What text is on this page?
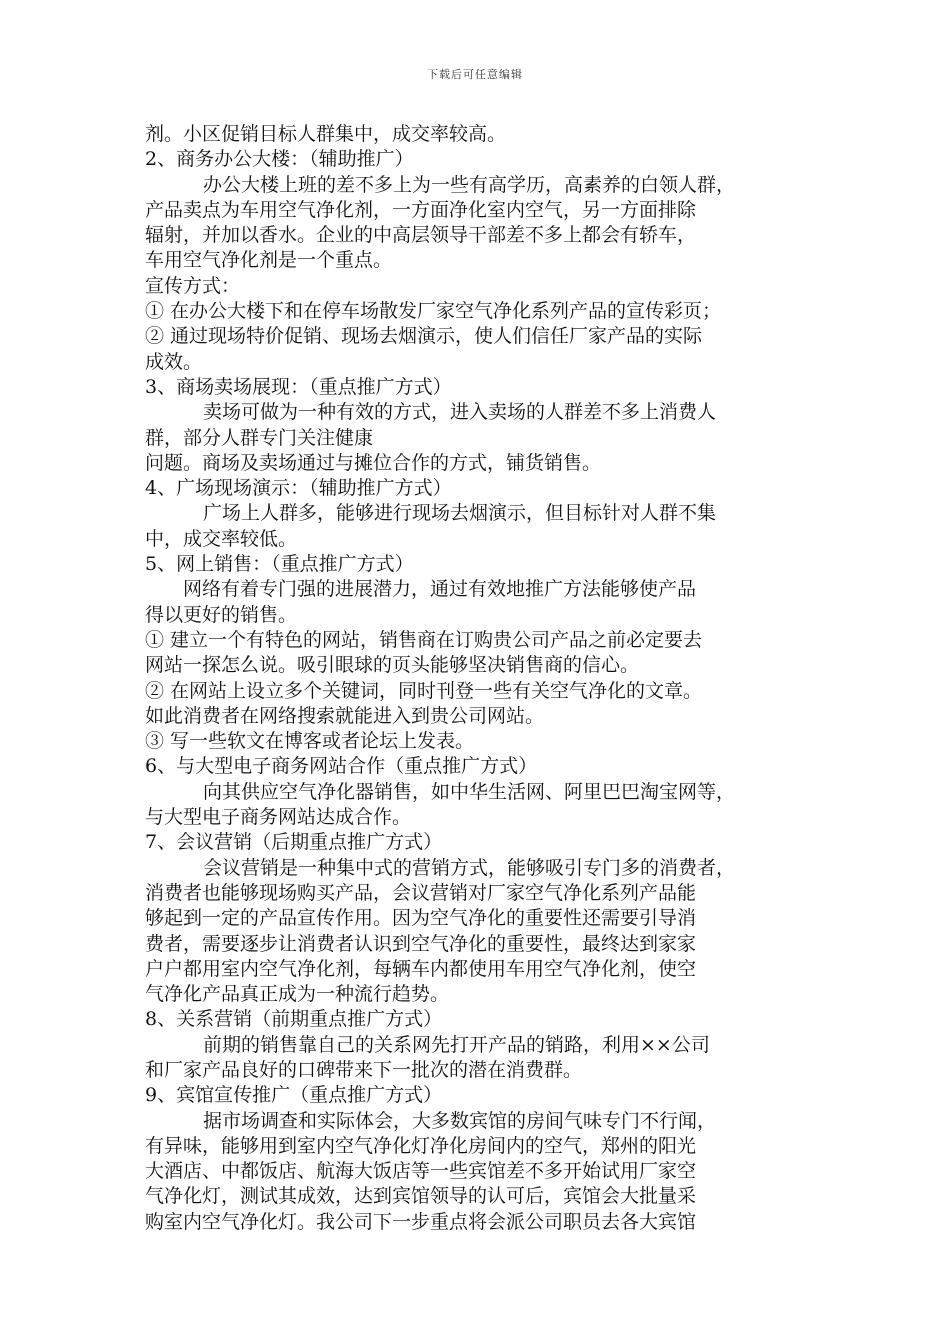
下载后可任意编辑
剂。小区促销目标人群集中，成交率较高。
2、商务办公大楼：（辅助推广）
办公大楼上班的差不多上为一些有高学历，高素养的白领人群，
产品卖点为车用空气净化剂，一方面净化室内空气，另一方面排除
辐射，并加以香水。企业的中高层领导干部差不多上都会有轿车，
车用空气净化剂是一个重点。
宣传方式：
① 在办公大楼下和在停车场散发厂家空气净化系列产品的宣传彩页；
② 通过现场特价促销、现场去烟演示，使人们信任厂家产品的实际
成效。
3、商场卖场展现：（重点推广方式）
卖场可做为一种有效的方式，进入卖场的人群差不多上消费人
群，部分人群专门关注健康
问题。商场及卖场通过与摊位合作的方式，铺货销售。
4、广场现场演示：（辅助推广方式）
广场上人群多，能够进行现场去烟演示，但目标针对人群不集
中，成交率较低。
5、网上销售：（重点推广方式）
网络有着专门强的进展潜力，通过有效地推广方法能够使产品
得以更好的销售。
① 建立一个有特色的网站，销售商在订购贵公司产品之前必定要去
网站一探怎么说。吸引眼球的页头能够坚决销售商的信心。
② 在网站上设立多个关键词，同时刊登一些有关空气净化的文章。
如此消费者在网络搜索就能进入到贵公司网站。
③ 写一些软文在博客或者论坛上发表。
6、与大型电子商务网站合作（重点推广方式）
向其供应空气净化器销售，如中华生活网、阿里巴巴淘宝网等，
与大型电子商务网站达成合作。
7、会议营销（后期重点推广方式）
会议营销是一种集中式的营销方式，能够吸引专门多的消费者，
消费者也能够现场购买产品，会议营销对厂家空气净化系列产品能
够起到一定的产品宣传作用。因为空气净化的重要性还需要引导消
费者，需要逐步让消费者认识到空气净化的重要性，最终达到家家
户户都用室内空气净化剂，每辆车内都使用车用空气净化剂，使空
气净化产品真正成为一种流行趋势。
8、关系营销（前期重点推广方式）
前期的销售靠自己的关系网先打开产品的销路，利用××公司
和厂家产品良好的口碑带来下一批次的潜在消费群。
9、宾馆宣传推广（重点推广方式）
据市场调查和实际体会，大多数宾馆的房间气味专门不行闻，
有异味，能够用到室内空气净化灯净化房间内的空气，郑州的阳光
大酒店、中都饭店、航海大饭店等一些宾馆差不多开始试用厂家空
气净化灯，测试其成效，达到宾馆领导的认可后，宾馆会大批量采
购室内空气净化灯。我公司下一步重点将会派公司职员去各大宾馆
